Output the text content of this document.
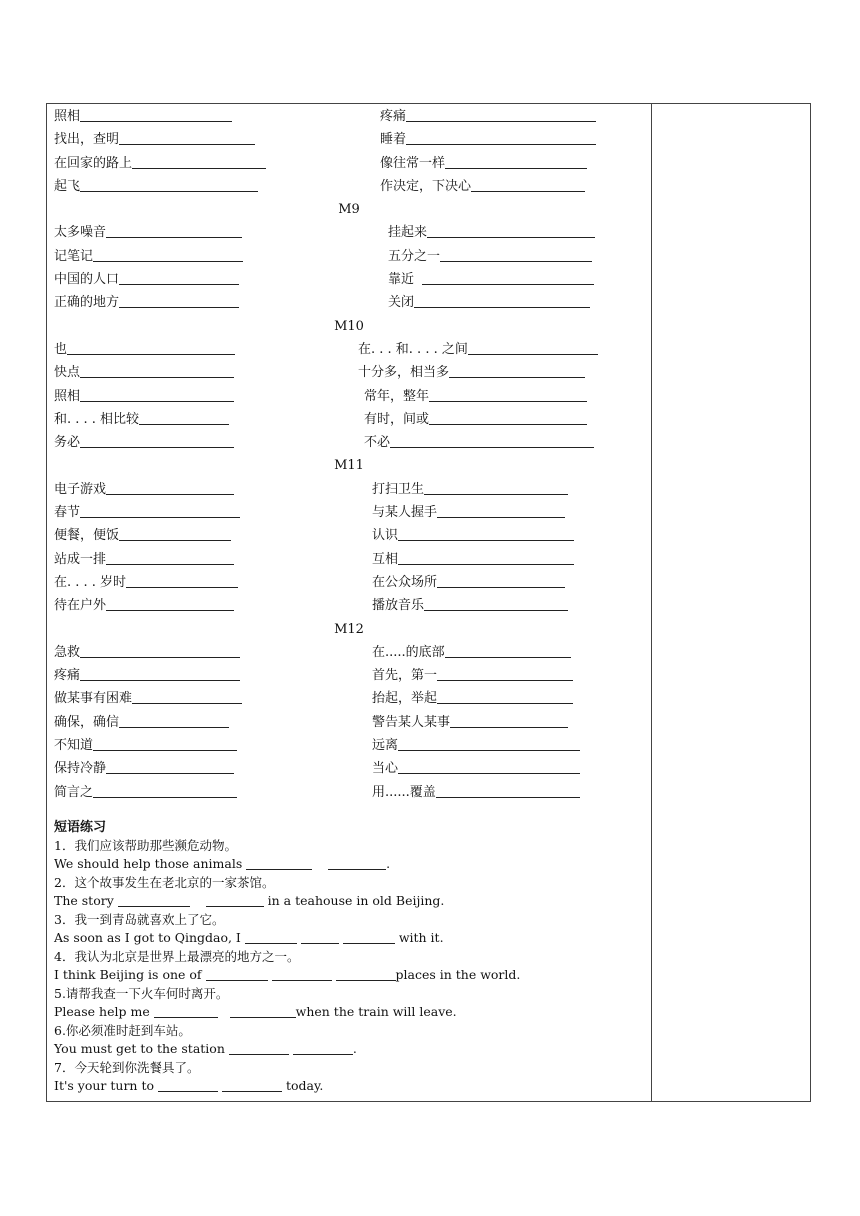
照相	疼痛
找出，查明	睡着
在回家的路上	像往常一样
起飞	作决定，下决心
M9
太多噪音	挂起来
记笔记	五分之一
中国的人口	靠近
正确的地方	关闭
M10
也	在. . . 和. . . . 之间
快点	十分多，相当多
照相	常年，整年
和. . . . 相比较	有时，间或
务必	不必
M11
电子游戏	打扫卫生
春节	与某人握手
便餐，便饭	认识
站成一排	互相
在. . . . 岁时	在公众场所
待在户外	播放音乐
M12
急救	在.....的底部
疼痛	首先，第一
做某事有困难	抬起，举起
确保，确信	警告某人某事
不知道	远离
保持冷静	当心
简言之	用......覆盖
短语练习
1．我们应该帮助那些濒危动物。
We should help those animals	.
2．这个故事发生在老北京的一家茶馆。
The story	in a teahouse in old Beijing.
3．我一到青岛就喜欢上了它。
As soon as I got to Qingdao, I	with it.
4．我认为北京是世界上最漂亮的地方之一。
I think Beijing is one of	places in the world.
5.请帮我查一下火车何时离开。
Please help me	when the train will leave.
6.你必须准时赶到车站。
You must get to the station	.
7．今天轮到你洗餐具了。
It's your turn to	today.
